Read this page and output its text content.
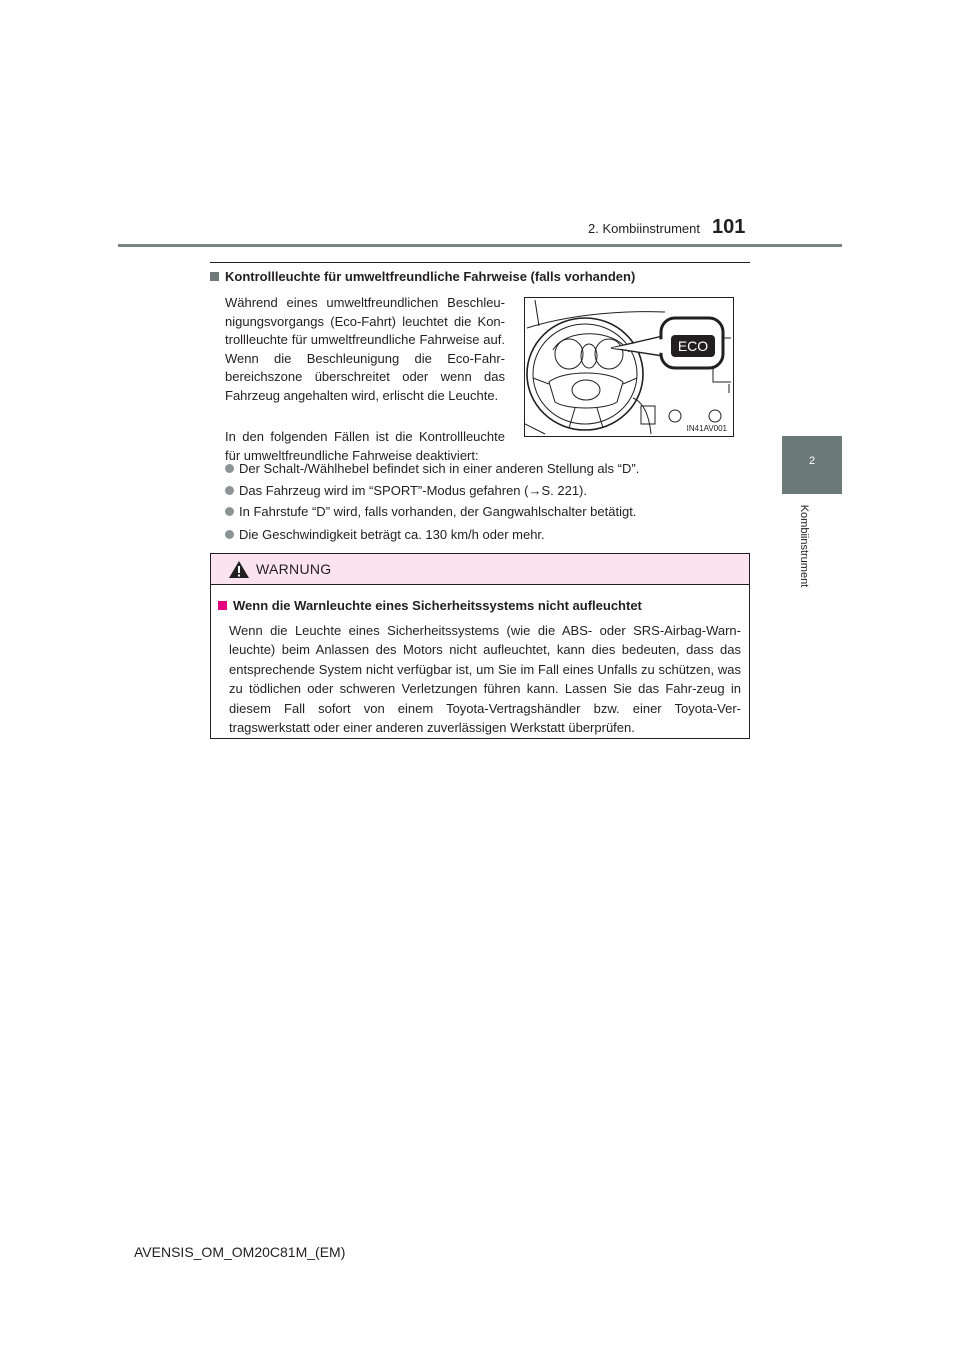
2. Kombiinstrument 101
2
Kombiinstrument
Kontrollleuchte für umweltfreundliche Fahrweise (falls vorhanden)
Während eines umweltfreundlichen Beschleu-nigungsvorgangs (Eco-Fahrt) leuchtet die Kon-trollleuchte für umweltfreundliche Fahrweise auf. Wenn die Beschleunigung die Eco-Fahr-bereichszone überschreitet oder wenn das Fahrzeug angehalten wird, erlischt die Leuchte.
In den folgenden Fällen ist die Kontrollleuchte für umweltfreundliche Fahrweise deaktiviert:
ECO
IN41AV001
Der Schalt-/Wählhebel befindet sich in einer anderen Stellung als “D”.
Das Fahrzeug wird im “SPORT”-Modus gefahren (→S. 221).
In Fahrstufe “D” wird, falls vorhanden, der Gangwahlschalter betätigt.
Die Geschwindigkeit beträgt ca. 130 km/h oder mehr.
WARNUNG
Wenn die Warnleuchte eines Sicherheitssystems nicht aufleuchtet
Wenn die Leuchte eines Sicherheitssystems (wie die ABS- oder SRS-Airbag-Warn-leuchte) beim Anlassen des Motors nicht aufleuchtet, kann dies bedeuten, dass das entsprechende System nicht verfügbar ist, um Sie im Fall eines Unfalls zu schützen, was zu tödlichen oder schweren Verletzungen führen kann. Lassen Sie das Fahr-zeug in diesem Fall sofort von einem Toyota-Vertragshändler bzw. einer Toyota-Ver-tragswerkstatt oder einer anderen zuverlässigen Werkstatt überprüfen.
AVENSIS_OM_OM20C81M_(EM)
